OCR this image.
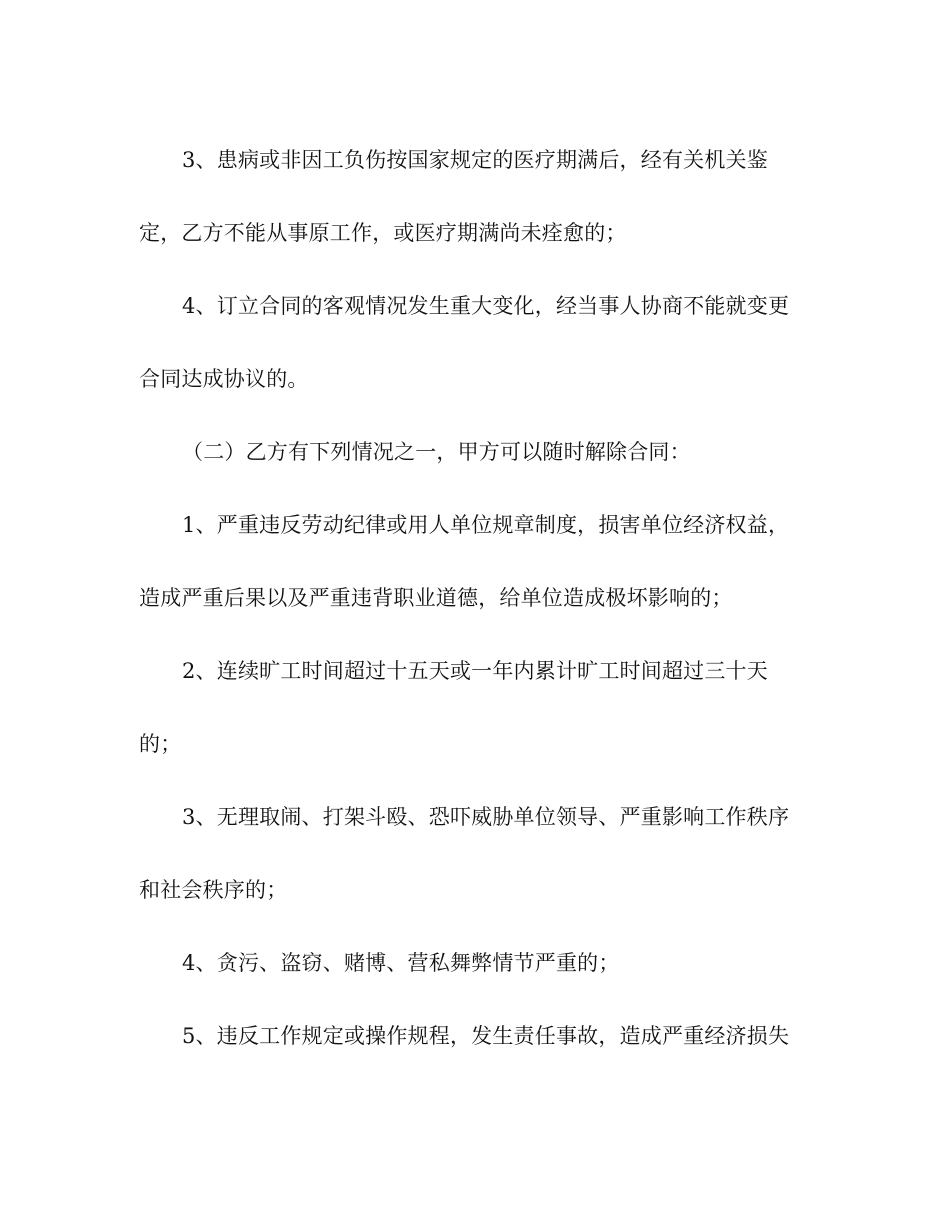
3、患病或非因工负伤按国家规定的医疗期满后，经有关机关鉴
定，乙方不能从事原工作，或医疗期满尚未痊愈的；
4、订立合同的客观情况发生重大变化，经当事人协商不能就变更
合同达成协议的。
（二）乙方有下列情况之一，甲方可以随时解除合同：
1、严重违反劳动纪律或用人单位规章制度，损害单位经济权益，
造成严重后果以及严重违背职业道德，给单位造成极坏影响的；
2、连续旷工时间超过十五天或一年内累计旷工时间超过三十天
的；
3、无理取闹、打架斗殴、恐吓威胁单位领导、严重影响工作秩序
和社会秩序的；
4、贪污、盗窃、赌博、营私舞弊情节严重的；
5、违反工作规定或操作规程，发生责任事故，造成严重经济损失
